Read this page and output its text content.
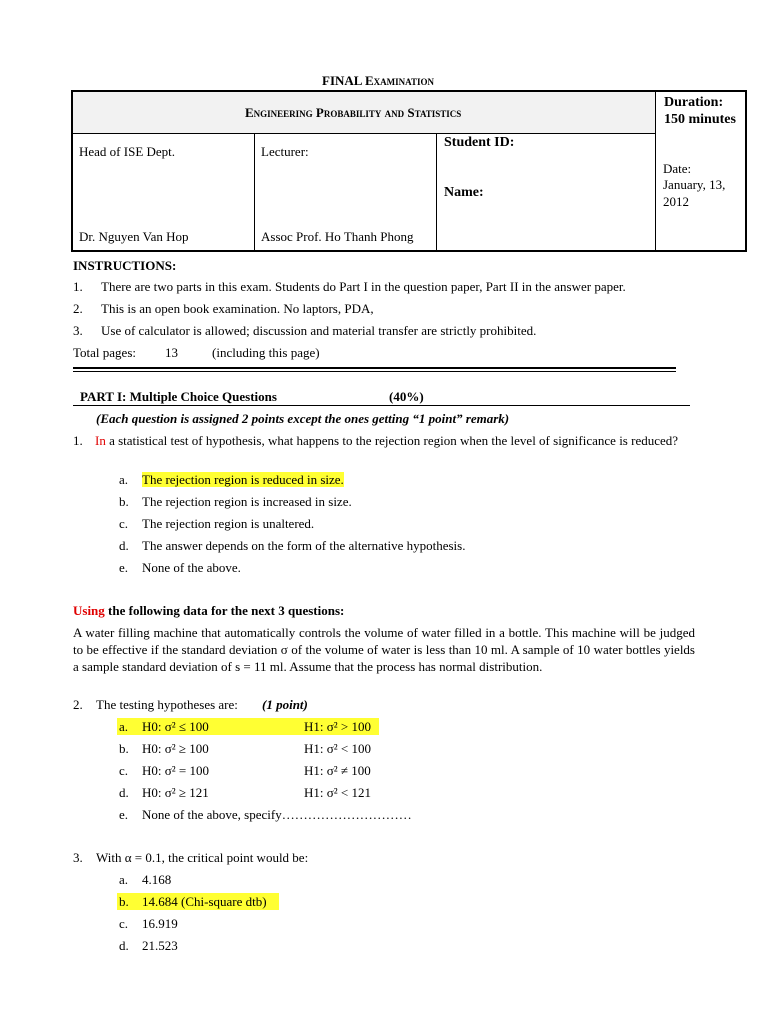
FINAL Examination
Engineering Probability and Statistics
Duration:
150 minutes
Head of ISE Dept.	Lecturer:
Student ID:
Name:
Date:
January, 13,
2012
Dr. Nguyen Van Hop	Assoc Prof. Ho Thanh Phong
INSTRUCTIONS:
1. There are two parts in this exam. Students do Part I in the question paper, Part II in the answer paper.
2. This is an open book examination. No laptors, PDA,
3. Use of calculator is allowed; discussion and material transfer are strictly prohibited.
Total pages: 13	(including this page)
PART I: Multiple Choice Questions	(40%)
(Each question is assigned 2 points except the ones getting “1 point” remark)
1. In a statistical test of hypothesis, what happens to the rejection region when the level of significance is reduced?
a. The rejection region is reduced in size.
b. The rejection region is increased in size.
c. The rejection region is unaltered.
d. The answer depends on the form of the alternative hypothesis.
e. None of the above.
Using the following data for the next 3 questions:
A water filling machine that automatically controls the volume of water filled in a bottle. This machine will be judged to be effective if the standard deviation σ of the volume of water is less than 10 ml. A sample of 10 water bottles yields a sample standard deviation of s = 11 ml. Assume that the process has normal distribution.
2. The testing hypotheses are: (1 point)
a. H0: σ² ≤ 100	H1: σ² > 100
b. H0: σ² ≥ 100	H1: σ² < 100
c. H0: σ² = 100	H1: σ² ≠ 100
d. H0: σ² ≥ 121	H1: σ² < 121
e. None of the above, specify…………………………
3. With α = 0.1, the critical point would be:
a. 4.168
b. 14.684 (Chi-square dtb)
c. 16.919
d. 21.523
